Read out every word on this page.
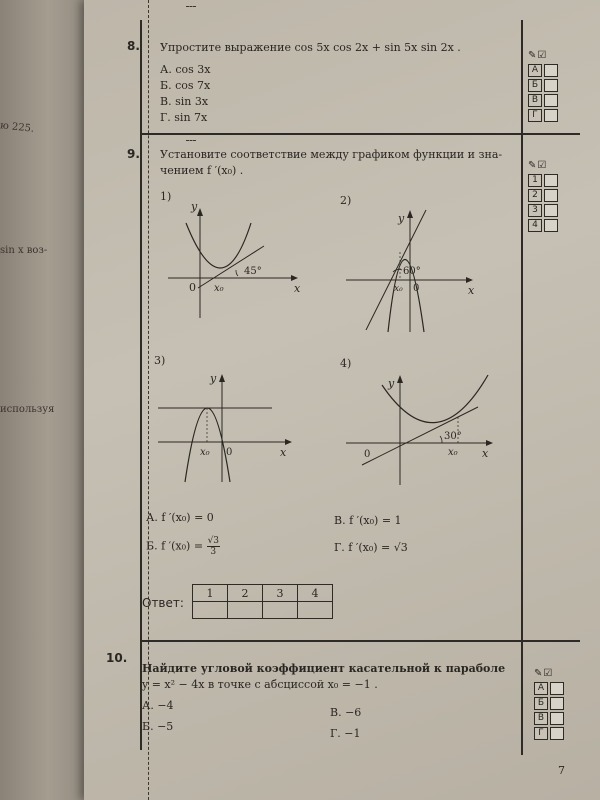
ю 225.
sin x воз-
используя
8. Упростите выражение cos 5x cos 2x + sin 5x sin 2x .
А. cos 3x
Б. cos 7x
В. sin 3x
Г. sin 7x
✎☑
А
Б
В
Г
9. Установите соответствие между графиком функции и зна-
чением f ′(x₀) .	✎☑
1
2
3
4
1)
y
x
0 x₀
45°
2)
y
x
0
x₀
60°
3)
y
x
0
x₀
4)
y
x
0	x₀
30°
А. f ′(x₀) = 0	В. f ′(x₀) = 1
Б. f $'(x_0) = \frac{√3}{3}$	Г. f ′(x₀) = √3
Ответ:
1	2	3	4

10.
Найдите угловой коэффициент касательной к параболе
y = x² − 4x в точке с абсциссой x₀ = −1 .
А. −4
Б. −5
В. −6
Г. −1
✎☑
А
Б
В
Г
7
